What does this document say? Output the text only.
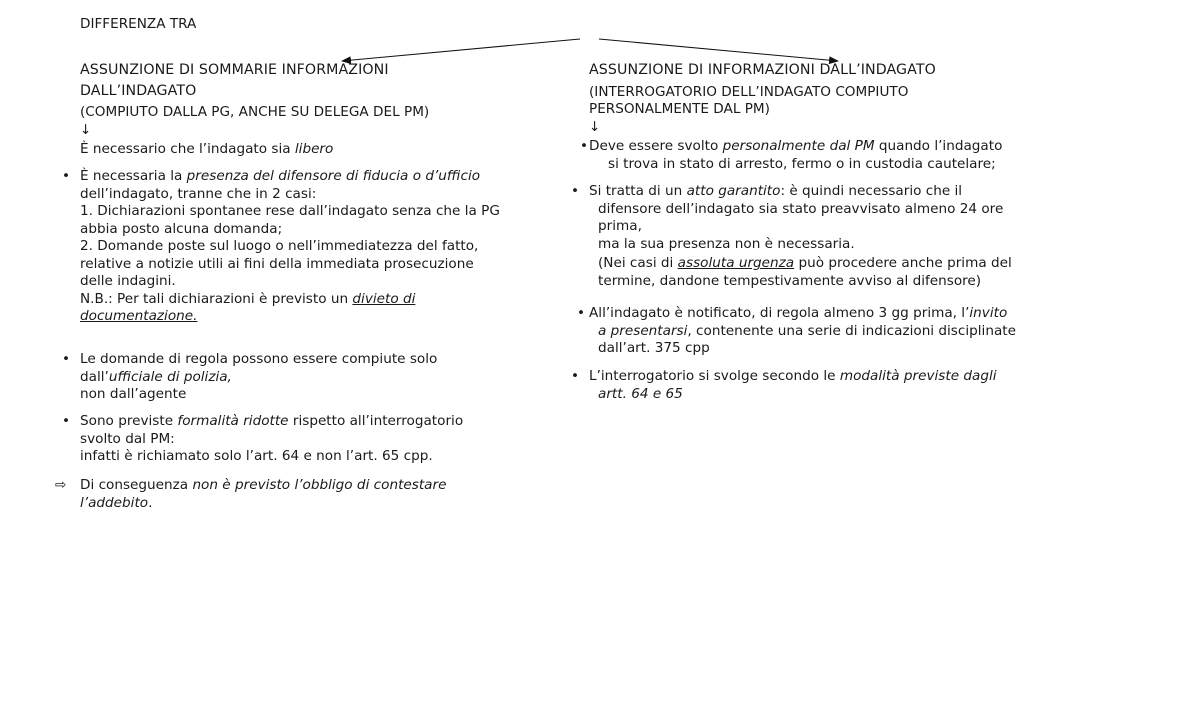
DIFFERENZA TRA
ASSUNZIONE DI SOMMARIE INFORMAZIONI
DALL’INDAGATO
(COMPIUTO DALLA PG, ANCHE SU DELEGA DEL PM)
↓
È necessario che l’indagato sia libero
• È necessaria la presenza del difensore di fiducia o d’ufficio
dell’indagato, tranne che in 2 casi:
1. Dichiarazioni spontanee rese dall’indagato senza che la PG
abbia posto alcuna domanda;
2. Domande poste sul luogo o nell’immediatezza del fatto,
relative a notizie utili ai fini della immediata prosecuzione
delle indagini.
N.B.: Per tali dichiarazioni è previsto un divieto di
documentazione.
• Le domande di regola possono essere compiute solo
dall’ufficiale di polizia,
non dall’agente
• Sono previste formalità ridotte rispetto all’interrogatorio
svolto dal PM:
infatti è richiamato solo l’art. 64 e non l’art. 65 cpp.
⇨ Di conseguenza non è previsto l’obbligo di contestare
l’addebito.
ASSUNZIONE DI INFORMAZIONI DALL’INDAGATO
(INTERROGATORIO DELL’INDAGATO COMPIUTO
PERSONALMENTE DAL PM)
↓
• Deve essere svolto personalmente dal PM quando l’indagato
si trova in stato di arresto, fermo o in custodia cautelare;
• Si tratta di un atto garantito: è quindi necessario che il
difensore dell’indagato sia stato preavvisato almeno 24 ore
prima,
ma la sua presenza non è necessaria.
(Nei casi di assoluta urgenza può procedere anche prima del
termine, dandone tempestivamente avviso al difensore)
• All’indagato è notificato, di regola almeno 3 gg prima, l’invito
a presentarsi, contenente una serie di indicazioni disciplinate
dall’art. 375 cpp
• L’interrogatorio si svolge secondo le modalità previste dagli
artt. 64 e 65
